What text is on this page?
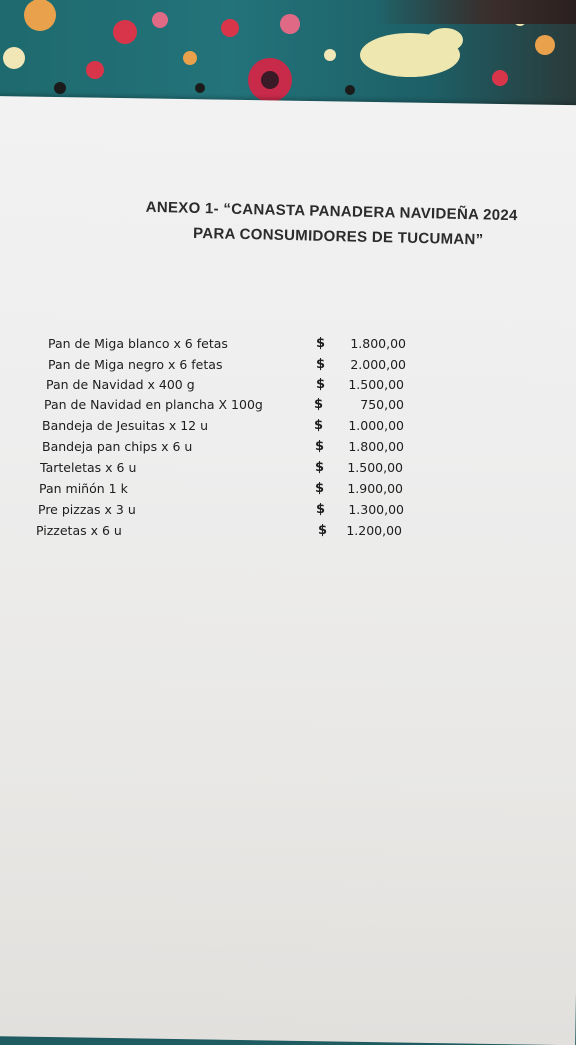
ANEXO 1- “CANASTA PANADERA NAVIDEÑA 2024
PARA CONSUMIDORES DE TUCUMAN”
Pan de Miga blanco x 6 fetas	$	1.800,00
Pan de Miga negro x 6 fetas	$	2.000,00
Pan de Navidad x 400 g	$	1.500,00
Pan de Navidad en plancha X 100g	$	750,00
Bandeja de Jesuitas x 12 u	$	1.000,00
Bandeja pan chips x 6 u	$	1.800,00
Tarteletas x 6 u	$	1.500,00
Pan miñón 1 k	$	1.900,00
Pre pizzas x 3 u	$	1.300,00
Pizzetas x 6 u	$	1.200,00
